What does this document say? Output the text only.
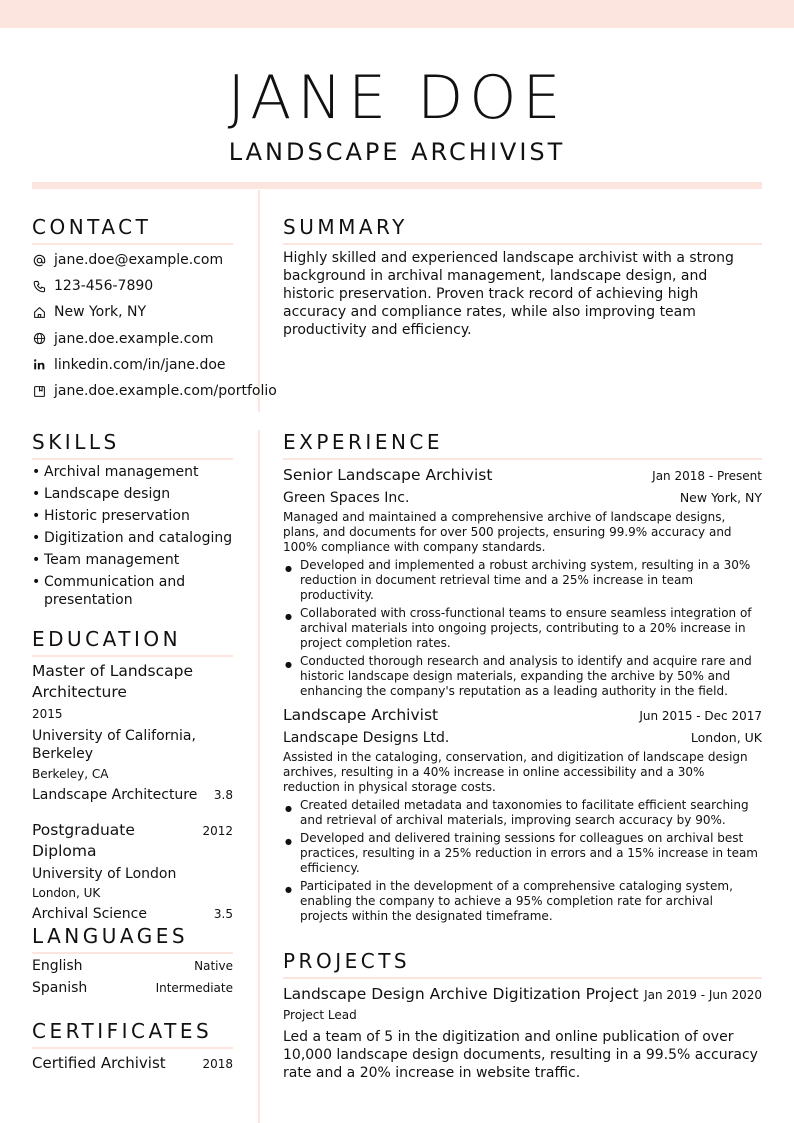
JANE DOE
LANDSCAPE ARCHIVIST
CONTACT
jane.doe@example.com
123-456-7890
New York, NY
jane.doe.example.com
linkedin.com/in/jane.doe
jane.doe.example.com/portfolio
SUMMARY
Highly skilled and experienced landscape archivist with a strong background in archival management, landscape design, and historic preservation. Proven track record of achieving high accuracy and compliance rates, while also improving team productivity and efficiency.
SKILLS
• Archival management
• Landscape design
• Historic preservation
• Digitization and cataloging
• Team management
• Communication and presentation
EDUCATION
Master of Landscape Architecture
2015
University of California, Berkeley
Berkeley, CA
Landscape Architecture 3.8
Postgraduate Diploma
2012
University of London
London, UK
Archival Science	3.5
LANGUAGES
English	Native
Spanish	Intermediate
CERTIFICATES
Certified Archivist	2018
EXPERIENCE
Senior Landscape Archivist	Jan 2018 - Present
Green Spaces Inc.	New York, NY
Managed and maintained a comprehensive archive of landscape designs, plans, and documents for over 500 projects, ensuring 99.9% accuracy and 100% compliance with company standards.
● Developed and implemented a robust archiving system, resulting in a 30% reduction in document retrieval time and a 25% increase in team productivity.
● Collaborated with cross-functional teams to ensure seamless integration of archival materials into ongoing projects, contributing to a 20% increase in project completion rates.
● Conducted thorough research and analysis to identify and acquire rare and historic landscape design materials, expanding the archive by 50% and enhancing the company's reputation as a leading authority in the field.
Landscape Archivist	Jun 2015 - Dec 2017
Landscape Designs Ltd.	London, UK
Assisted in the cataloging, conservation, and digitization of landscape design archives, resulting in a 40% increase in online accessibility and a 30% reduction in physical storage costs.
● Created detailed metadata and taxonomies to facilitate efficient searching and retrieval of archival materials, improving search accuracy by 90%.
● Developed and delivered training sessions for colleagues on archival best practices, resulting in a 25% reduction in errors and a 15% increase in team efficiency.
● Participated in the development of a comprehensive cataloging system, enabling the company to achieve a 95% completion rate for archival projects within the designated timeframe.
PROJECTS
Landscape Design Archive Digitization Project Jan 2019 - Jun 2020
Project Lead
Led a team of 5 in the digitization and online publication of over 10,000 landscape design documents, resulting in a 99.5% accuracy rate and a 20% increase in website traffic.
